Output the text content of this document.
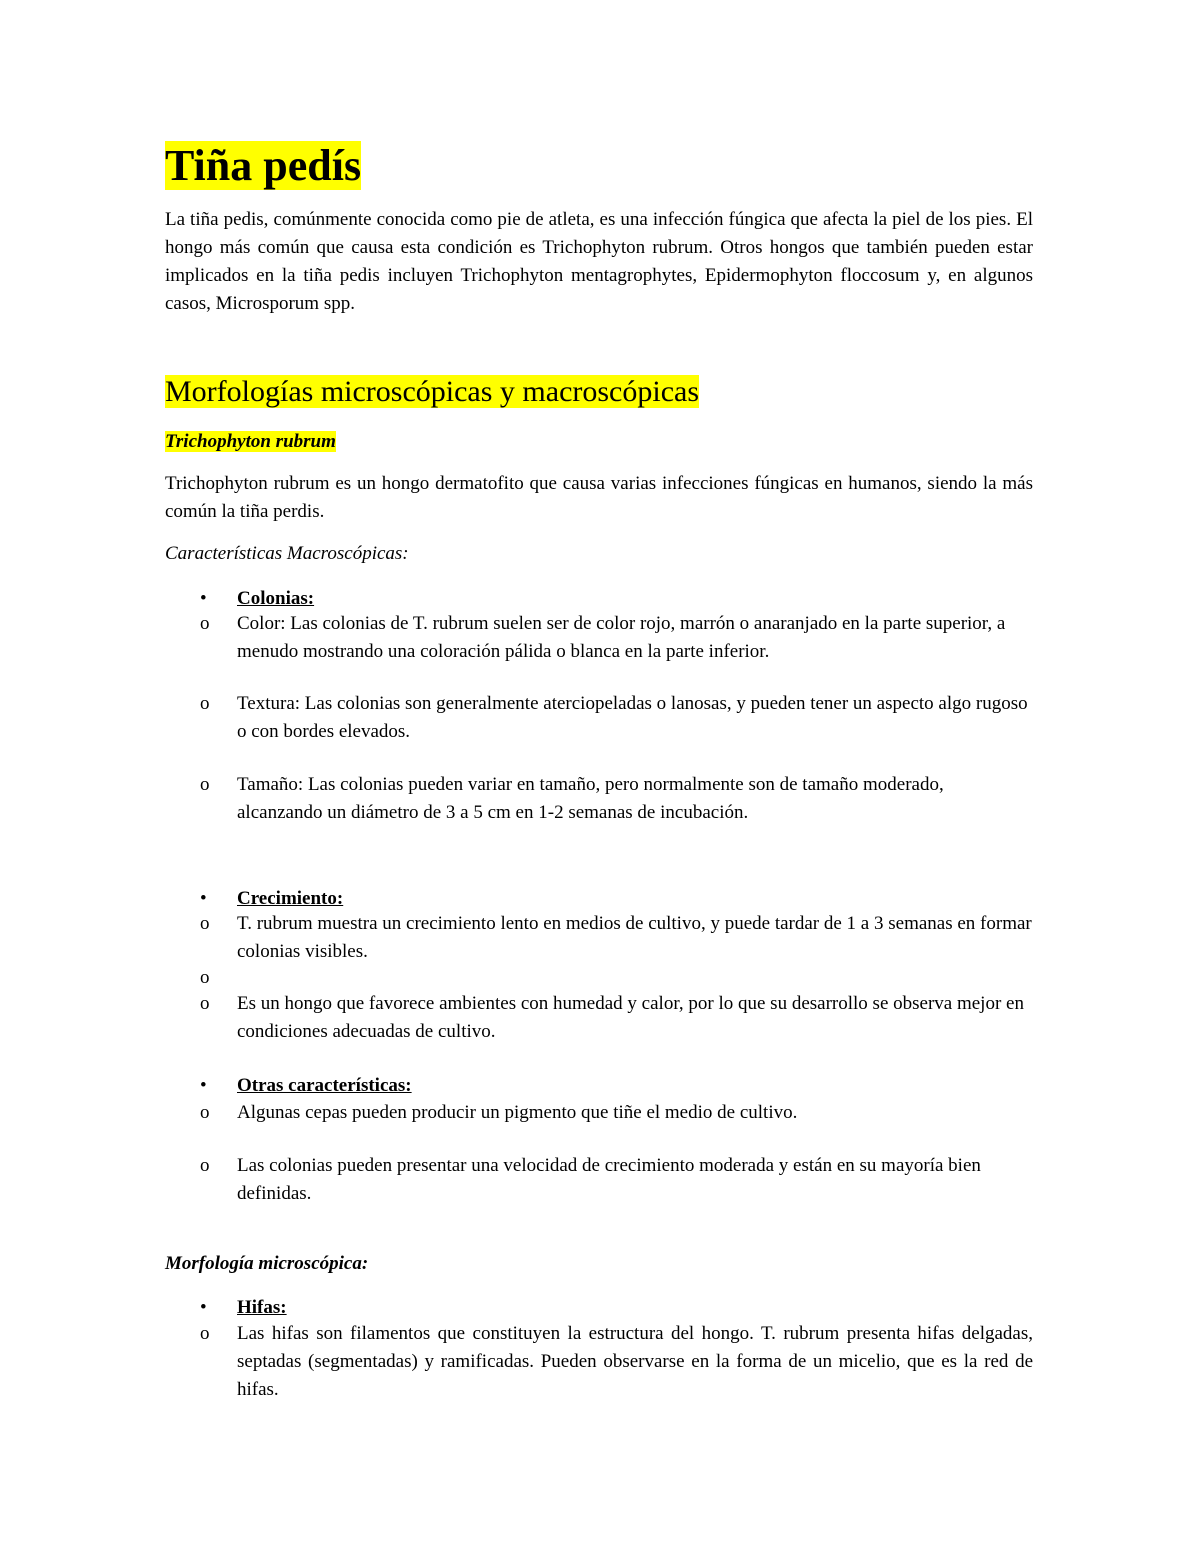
Tiña pedís

La tiña pedis, comúnmente conocida como pie de atleta, es una infección fúngica que afecta la piel de los pies. El hongo más común que causa esta condición es Trichophyton rubrum. Otros hongos que también pueden estar implicados en la tiña pedis incluyen Trichophyton mentagrophytes, Epidermophyton floccosum y, en algunos casos, Microsporum spp.

Morfologías microscópicas y macroscópicas
Trichophyton rubrum

Trichophyton rubrum es un hongo dermatofito que causa varias infecciones fúngicas en humanos, siendo la más común la tiña perdis.

Características Macroscópicas:

• Colonias:
o Color: Las colonias de T. rubrum suelen ser de color rojo, marrón o anaranjado en la parte superior, a menudo mostrando una coloración pálida o blanca en la parte inferior.
o Textura: Las colonias son generalmente aterciopeladas o lanosas, y pueden tener un aspecto algo rugoso o con bordes elevados.
o Tamaño: Las colonias pueden variar en tamaño, pero normalmente son de tamaño moderado, alcanzando un diámetro de 3 a 5 cm en 1-2 semanas de incubación.
• Crecimiento:
o T. rubrum muestra un crecimiento lento en medios de cultivo, y puede tardar de 1 a 3 semanas en formar colonias visibles.
o
o Es un hongo que favorece ambientes con humedad y calor, por lo que su desarrollo se observa mejor en condiciones adecuadas de cultivo.
• Otras características:
o Algunas cepas pueden producir un pigmento que tiñe el medio de cultivo.
o Las colonias pueden presentar una velocidad de crecimiento moderada y están en su mayoría bien definidas.

Morfología microscópica:

• Hifas:
o Las hifas son filamentos que constituyen la estructura del hongo. T. rubrum presenta hifas delgadas, septadas (segmentadas) y ramificadas. Pueden observarse en la forma de un micelio, que es la red de hifas.
